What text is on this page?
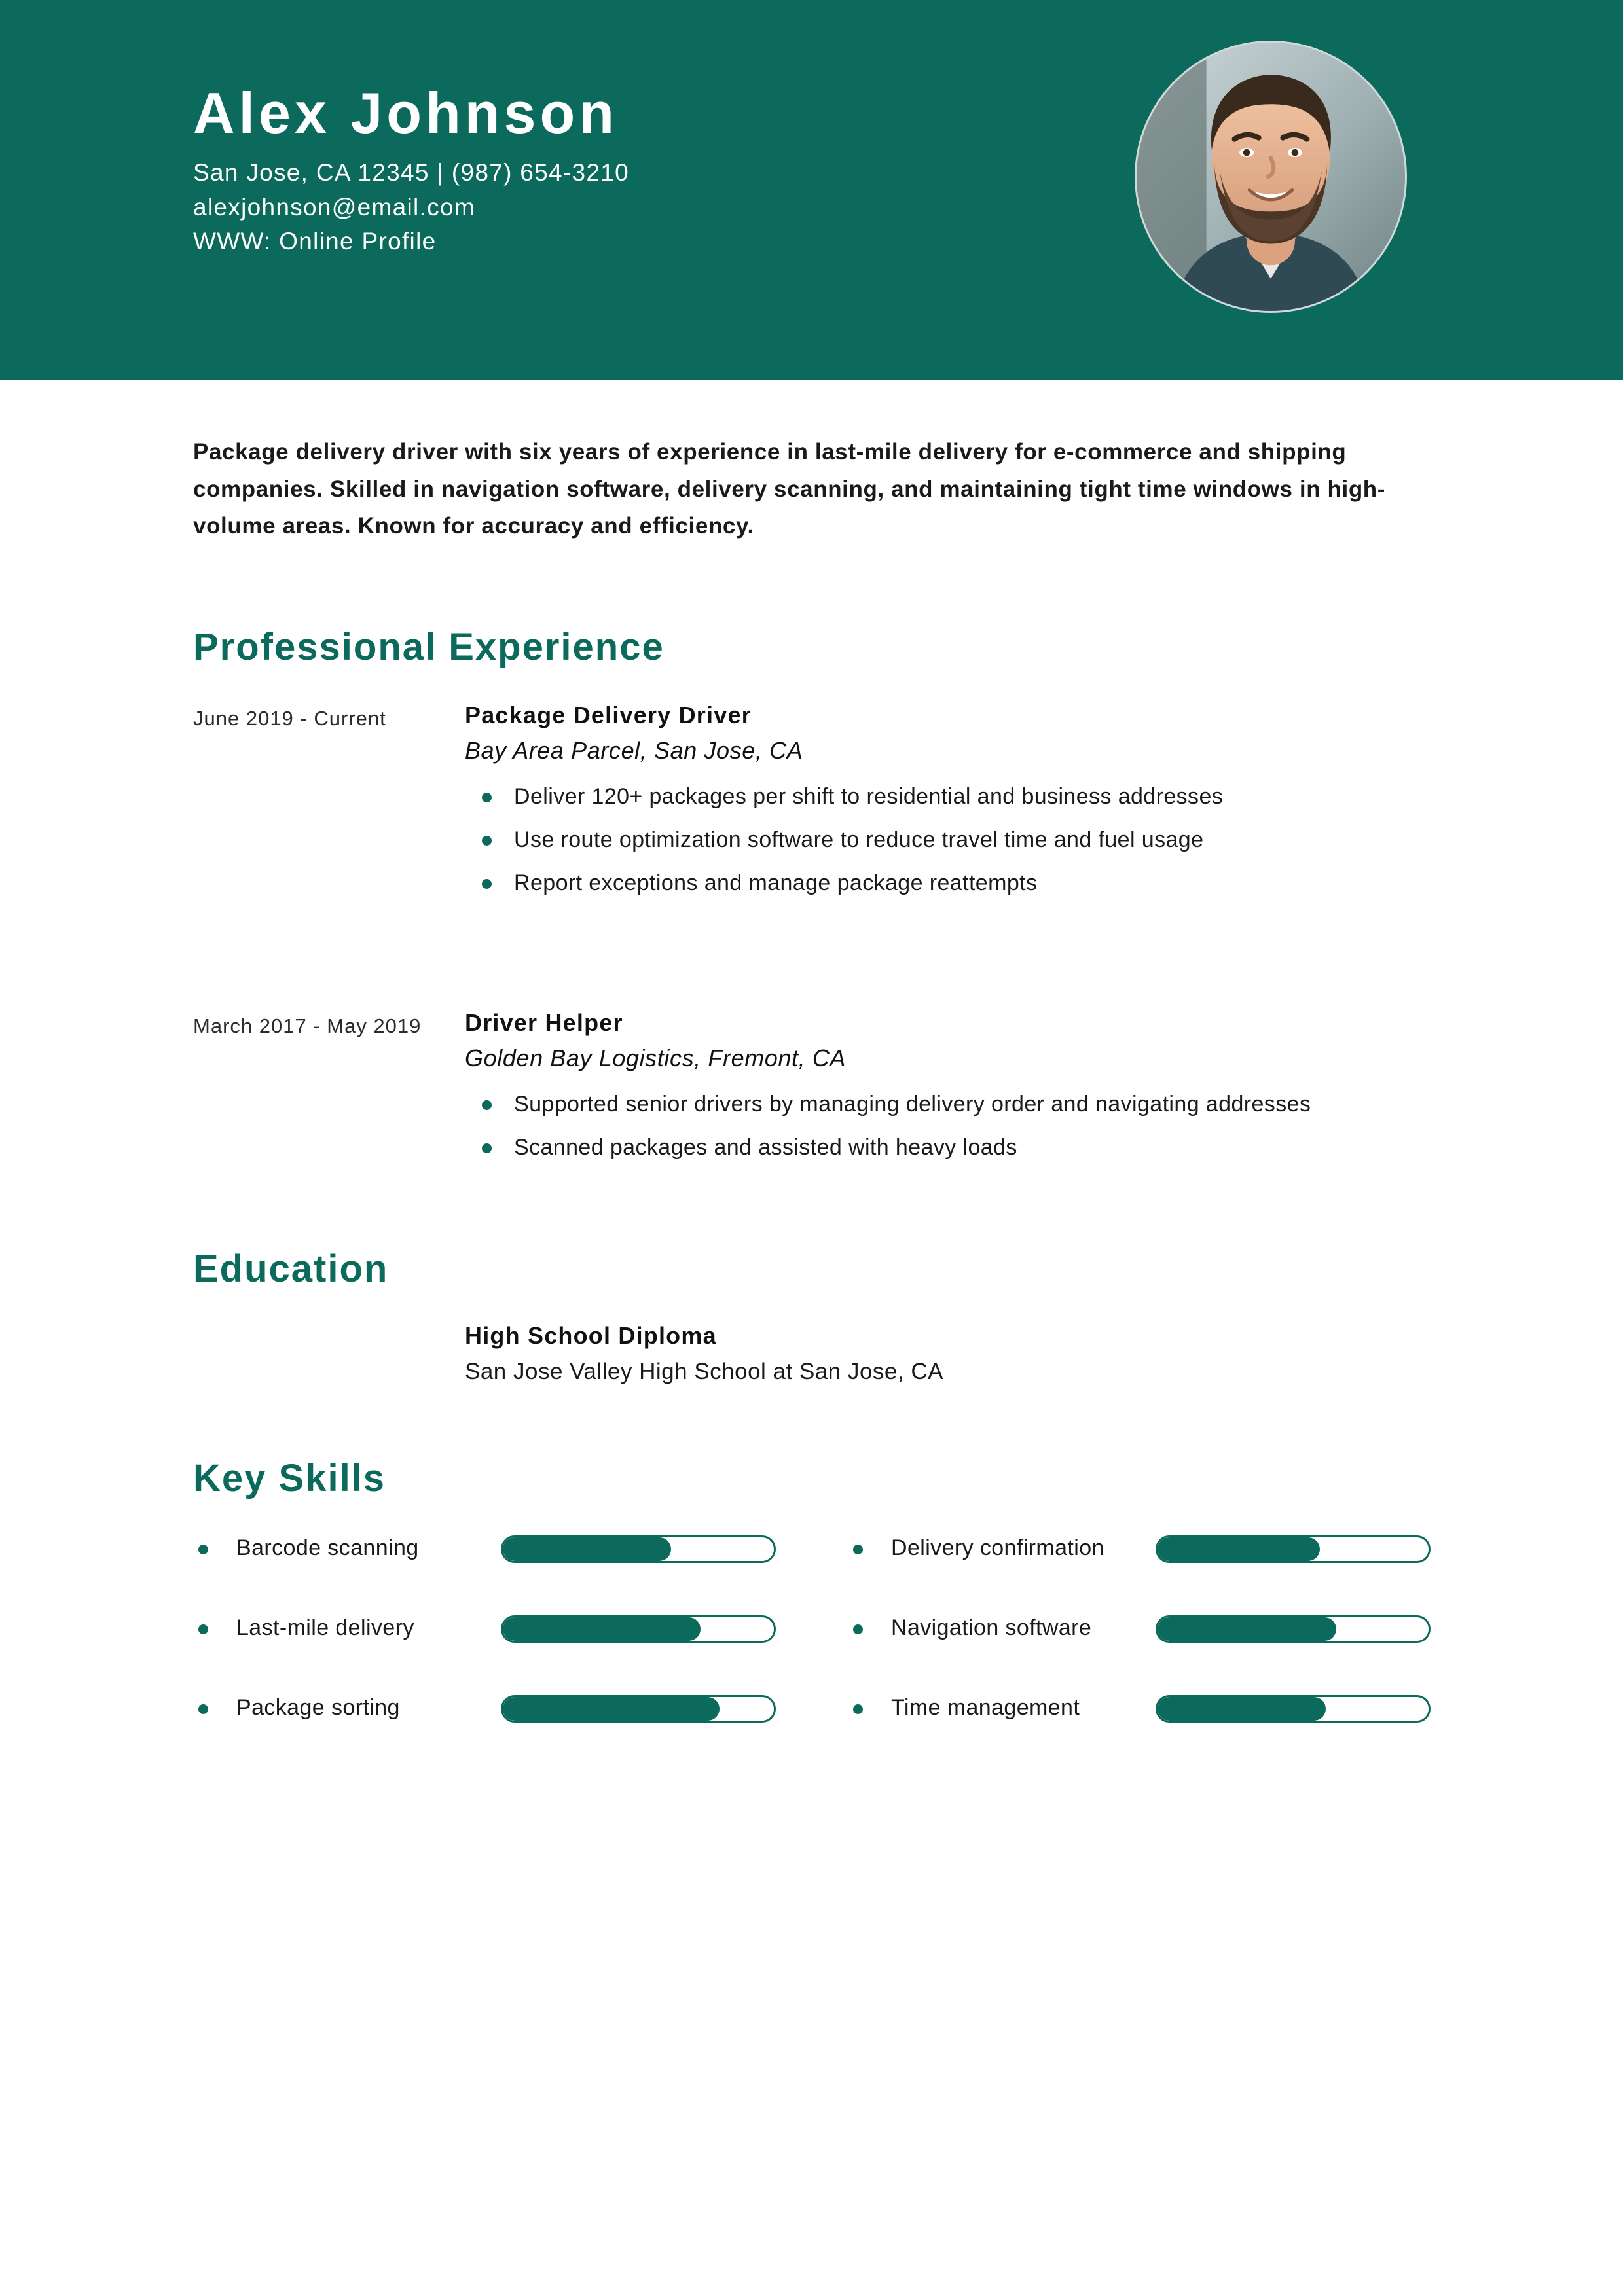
Alex Johnson
San Jose, CA 12345 | (987) 654-3210
alexjohnson@email.com
WWW: Online Profile
Package delivery driver with six years of experience in last-mile delivery for e-commerce and shipping companies. Skilled in navigation software, delivery scanning, and maintaining tight time windows in high-volume areas. Known for accuracy and efficiency.
Professional Experience
June 2019 - Current	Package Delivery Driver
Bay Area Parcel, San Jose, CA
Deliver 120+ packages per shift to residential and business addresses
Use route optimization software to reduce travel time and fuel usage
Report exceptions and manage package reattempts
March 2017 - May 2019 Driver Helper
Golden Bay Logistics, Fremont, CA
Supported senior drivers by managing delivery order and navigating addresses
Scanned packages and assisted with heavy loads
Education
High School Diploma
San Jose Valley High School at San Jose, CA
Key Skills
Barcode scanning	Delivery confirmation
Last-mile delivery	Navigation software
Package sorting	Time management
